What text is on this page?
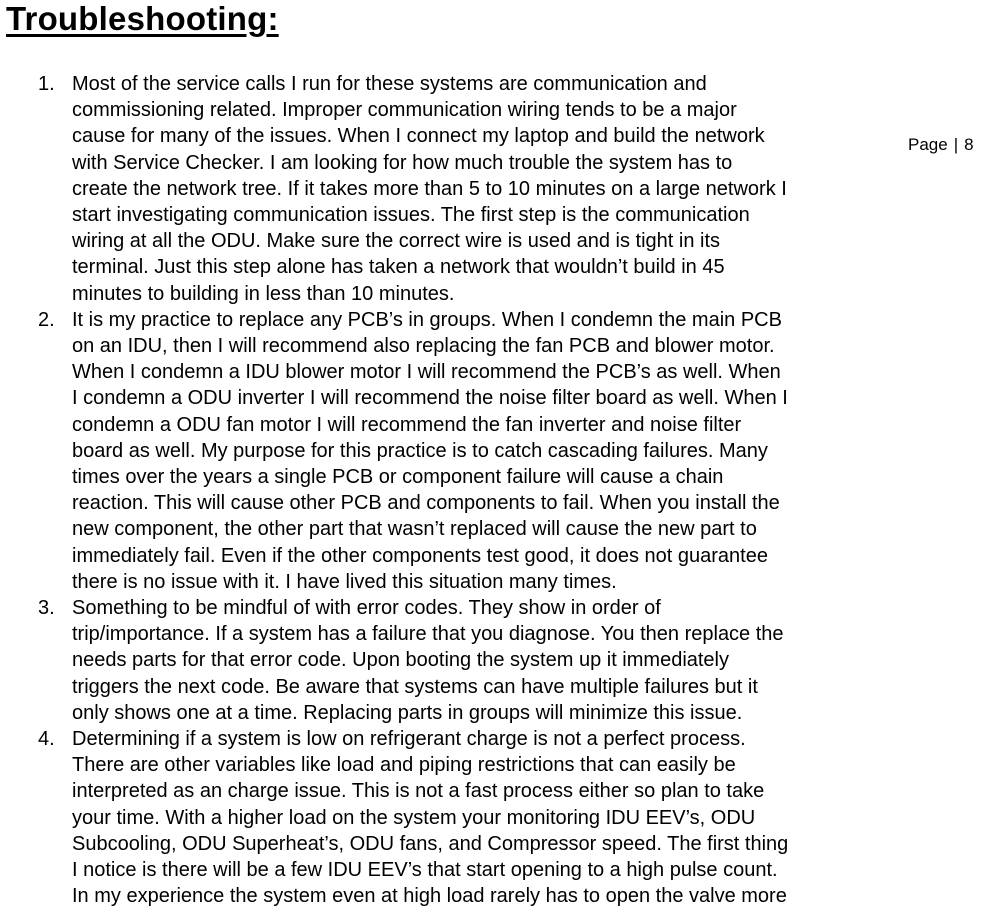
Troubleshooting:
Page | 8
1. Most of the service calls I run for these systems are communication and
commissioning related. Improper communication wiring tends to be a major
cause for many of the issues. When I connect my laptop and build the network
with Service Checker. I am looking for how much trouble the system has to
create the network tree. If it takes more than 5 to 10 minutes on a large network I
start investigating communication issues. The first step is the communication
wiring at all the ODU. Make sure the correct wire is used and is tight in its
terminal. Just this step alone has taken a network that wouldn’t build in 45
minutes to building in less than 10 minutes.
2. It is my practice to replace any PCB’s in groups. When I condemn the main PCB
on an IDU, then I will recommend also replacing the fan PCB and blower motor.
When I condemn a IDU blower motor I will recommend the PCB’s as well. When
I condemn a ODU inverter I will recommend the noise filter board as well. When I
condemn a ODU fan motor I will recommend the fan inverter and noise filter
board as well. My purpose for this practice is to catch cascading failures. Many
times over the years a single PCB or component failure will cause a chain
reaction. This will cause other PCB and components to fail. When you install the
new component, the other part that wasn’t replaced will cause the new part to
immediately fail. Even if the other components test good, it does not guarantee
there is no issue with it. I have lived this situation many times.
3. Something to be mindful of with error codes. They show in order of
trip/importance. If a system has a failure that you diagnose. You then replace the
needs parts for that error code. Upon booting the system up it immediately
triggers the next code. Be aware that systems can have multiple failures but it
only shows one at a time. Replacing parts in groups will minimize this issue.
4. Determining if a system is low on refrigerant charge is not a perfect process.
There are other variables like load and piping restrictions that can easily be
interpreted as an charge issue. This is not a fast process either so plan to take
your time. With a higher load on the system your monitoring IDU EEV’s, ODU
Subcooling, ODU Superheat’s, ODU fans, and Compressor speed. The first thing
I notice is there will be a few IDU EEV’s that start opening to a high pulse count.
In my experience the system even at high load rarely has to open the valve more
